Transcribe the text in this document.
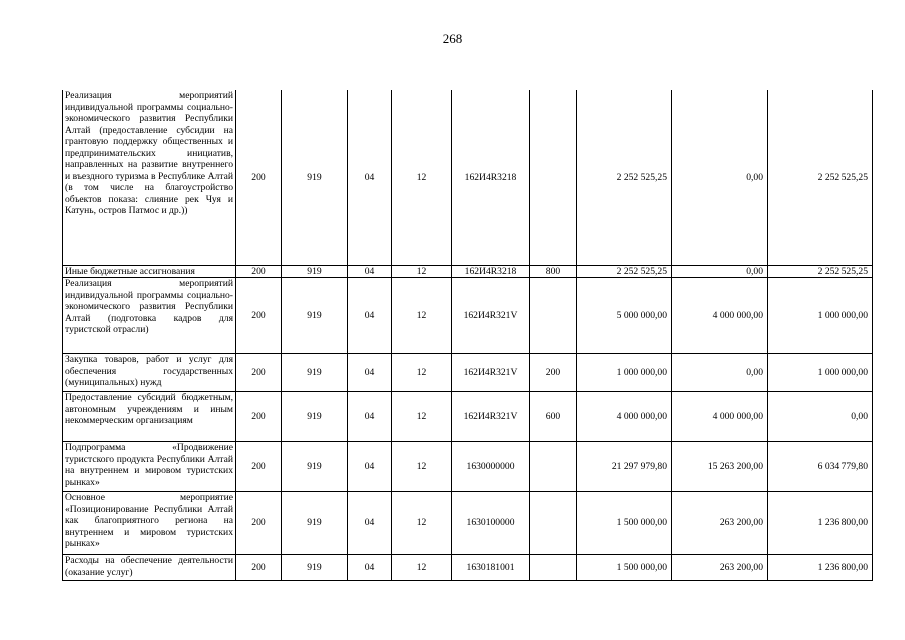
268
Реализация мероприятий индивидуальной программы социально-экономического развития Республики Алтай (предоставление субсидии на грантовую поддержку общественных и предпринимательских инициатив, направленных на развитие внутреннего и въездного туризма в Республике Алтай (в том числе на благоустройство объектов показа: слияние рек Чуя и Катунь, остров Патмос и др.))	200	919	04	12	162И4R3218		2 252 525,25	0,00	2 252 525,25
Иные бюджетные ассигнования	200	919	04	12	162И4R3218	800	2 252 525,25	0,00	2 252 525,25
Реализация мероприятий индивидуальной программы социально-экономического развития Республики Алтай (подготовка кадров для туристской отрасли)	200	919	04	12	162И4R321V		5 000 000,00	4 000 000,00	1 000 000,00
Закупка товаров, работ и услуг для обеспечения государственных (муниципальных) нужд	200	919	04	12	162И4R321V	200	1 000 000,00	0,00	1 000 000,00
Предоставление субсидий бюджетным, автономным учреждениям и иным некоммерческим организациям	200	919	04	12	162И4R321V	600	4 000 000,00	4 000 000,00	0,00
Подпрограмма «Продвижение туристского продукта Республики Алтай на внутреннем и мировом туристских рынках»	200	919	04	12	1630000000		21 297 979,80	15 263 200,00	6 034 779,80
Основное мероприятие «Позиционирование Республики Алтай как благоприятного региона на внутреннем и мировом туристских рынках»	200	919	04	12	1630100000		1 500 000,00	263 200,00	1 236 800,00
Расходы на обеспечение деятельности (оказание услуг)	200	919	04	12	1630181001		1 500 000,00	263 200,00	1 236 800,00
